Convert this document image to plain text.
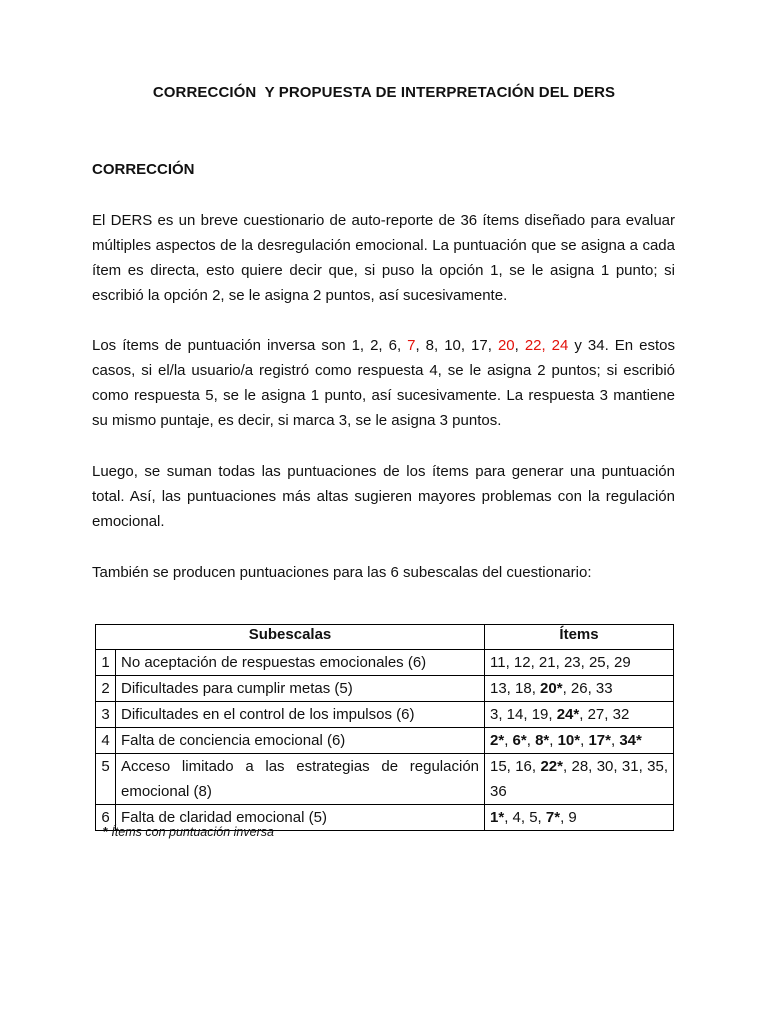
CORRECCIÓN  Y PROPUESTA DE INTERPRETACIÓN DEL DERS
CORRECCIÓN

El DERS es un breve cuestionario de auto-reporte de 36 ítems diseñado para evaluar múltiples aspectos de la desregulación emocional. La puntuación que se asigna a cada ítem es directa, esto quiere decir que, si puso la opción 1, se le asigna 1 punto; si escribió la opción 2, se le asigna 2 puntos, así sucesivamente.

Los ítems de puntuación inversa son 1, 2, 6, 7, 8, 10, 17, 20, 22, 24 y 34. En estos casos, si el/la usuario/a registró como respuesta 4, se le asigna 2 puntos; si escribió como respuesta 5, se le asigna 1 punto, así sucesivamente. La respuesta 3 mantiene su mismo puntaje, es decir, si marca 3, se le asigna 3 puntos.

Luego, se suman todas las puntuaciones de los ítems para generar una puntuación total. Así, las puntuaciones más altas sugieren mayores problemas con la regulación emocional.

También se producen puntuaciones para las 6 subescalas del cuestionario:

Subescalas		Ítems
1	No aceptación de respuestas emocionales (6)	11, 12, 21, 23, 25, 29
2	Dificultades para cumplir metas (5)	13, 18, 20*, 26, 33
3	Dificultades en el control de los impulsos (6)	3, 14, 19, 24*, 27, 32
4	Falta de conciencia emocional (6)	2*, 6*, 8*, 10*, 17*, 34*
5	Acceso limitado a las estrategias de regulación emocional (8)	15, 16, 22*, 28, 30, 31, 35, 36
6	Falta de claridad emocional (5)	1*, 4, 5, 7*, 9
* Ítems con puntuación inversa
